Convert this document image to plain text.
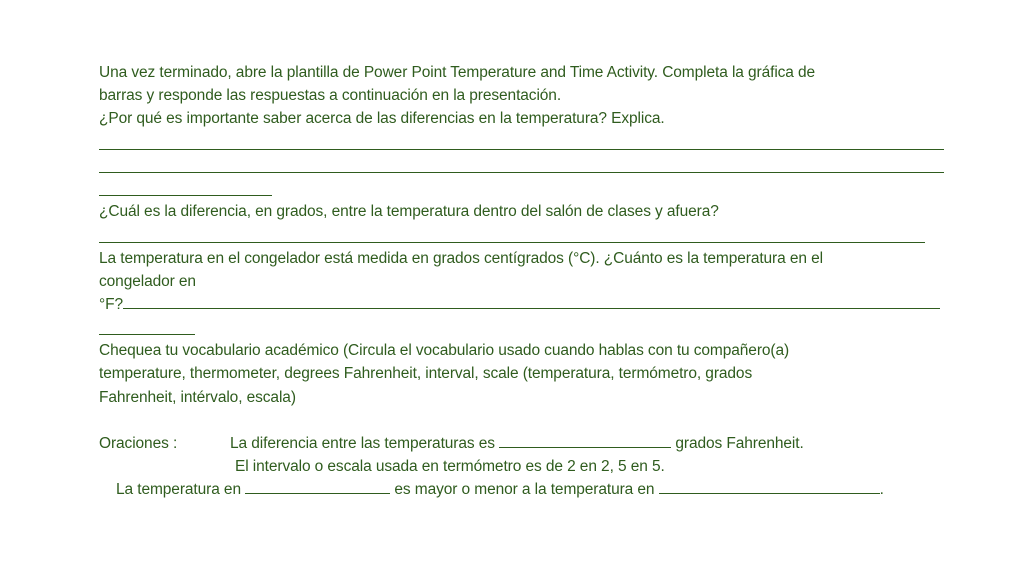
Una vez terminado, abre la plantilla de Power Point Temperature and Time Activity. Completa la gráfica de
barras y responde las respuestas a continuación en la presentación.
¿Por qué es importante saber acerca de las diferencias en la temperatura? Explica.
¿Cuál es la diferencia, en grados, entre la temperatura dentro del salón de clases y afuera?
La temperatura en el congelador está medida en grados centígrados (°C). ¿Cuánto es la temperatura en el
congelador en
°F?
Chequea tu vocabulario académico (Circula el vocabulario usado cuando hablas con tu compañero(a)
temperature, thermometer, degrees Fahrenheit, interval, scale (temperatura, termómetro, grados
Fahrenheit, intérvalo, escala)
Oraciones :	La diferencia entre las temperaturas es	grados Fahrenheit.
El intervalo o escala usada en termómetro es de 2 en 2, 5 en 5.
La temperatura en	es mayor o menor a la temperatura en	.
